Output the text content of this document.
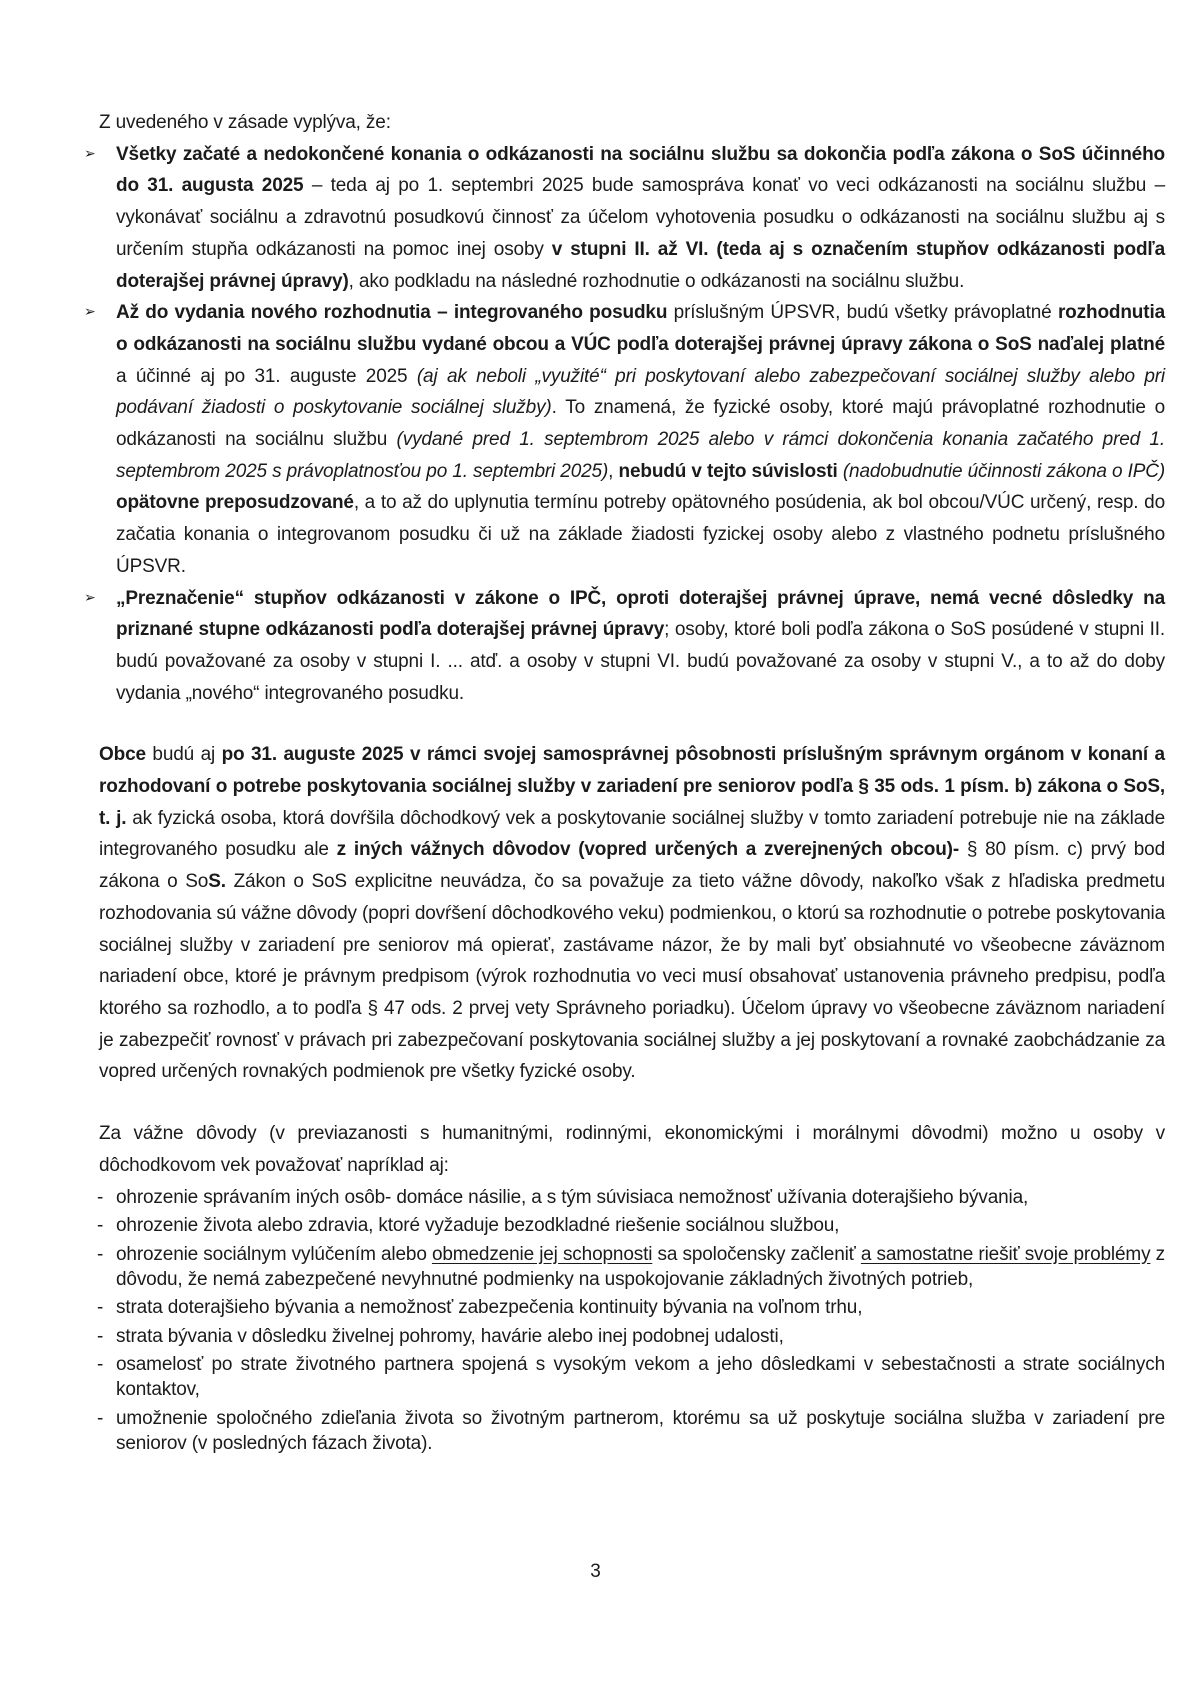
Z uvedeného v zásade vyplýva, že:

➢	Všetky začaté a nedokončené konania o odkázanosti na sociálnu službu sa dokončia podľa zákona o SoS účinného do 31. augusta 2025 – teda aj po 1. septembri 2025 bude samospráva konať vo veci odkázanosti na sociálnu službu – vykonávať sociálnu a zdravotnú posudkovú činnosť za účelom vyhotovenia posudku o odkázanosti na sociálnu službu aj s určením stupňa odkázanosti na pomoc inej osoby v stupni II. až VI. (teda aj s označením stupňov odkázanosti podľa doterajšej právnej úpravy), ako podkladu na následné rozhodnutie o odkázanosti na sociálnu službu.
➢	Až do vydania nového rozhodnutia – integrovaného posudku príslušným ÚPSVR, budú všetky právoplatné rozhodnutia o odkázanosti na sociálnu službu vydané obcou a VÚC podľa doterajšej právnej úpravy zákona o SoS naďalej platné a účinné aj po 31. auguste 2025 (aj ak neboli „využité“ pri poskytovaní alebo zabezpečovaní sociálnej služby alebo pri podávaní žiadosti o poskytovanie sociálnej služby). To znamená, že fyzické osoby, ktoré majú právoplatné rozhodnutie o odkázanosti na sociálnu službu (vydané pred 1. septembrom 2025 alebo v rámci dokončenia konania začatého pred 1. septembrom 2025 s právoplatnosťou po 1. septembri 2025), nebudú v tejto súvislosti (nadobudnutie účinnosti zákona o IPČ) opätovne preposudzované, a to až do uplynutia termínu potreby opätovného posúdenia, ak bol obcou/VÚC určený, resp. do začatia konania o integrovanom posudku či už na základe žiadosti fyzickej osoby alebo z vlastného podnetu príslušného ÚPSVR.
➢	„Preznačenie“ stupňov odkázanosti v zákone o IPČ, oproti doterajšej právnej úprave, nemá vecné dôsledky na priznané stupne odkázanosti podľa doterajšej právnej úpravy; osoby, ktoré boli podľa zákona o SoS posúdené v stupni II. budú považované za osoby v stupni I. ... atď. a osoby v stupni VI. budú považované za osoby v stupni V., a to až do doby vydania „nového“ integrovaného posudku.

Obce budú aj po 31. auguste 2025 v rámci svojej samosprávnej pôsobnosti príslušným správnym orgánom v konaní a rozhodovaní o potrebe poskytovania sociálnej služby v zariadení pre seniorov podľa § 35 ods. 1 písm. b) zákona o SoS, t. j. ak fyzická osoba, ktorá dovŕšila dôchodkový vek a poskytovanie sociálnej služby v tomto zariadení potrebuje nie na základe integrovaného posudku ale z iných vážnych dôvodov (vopred určených a zverejnených obcou)- § 80 písm. c) prvý bod zákona o SoS. Zákon o SoS explicitne neuvádza, čo sa považuje za tieto vážne dôvody, nakoľko však z hľadiska predmetu rozhodovania sú vážne dôvody (popri dovŕšení dôchodkového veku) podmienkou, o ktorú sa rozhodnutie o potrebe poskytovania sociálnej služby v zariadení pre seniorov má opierať, zastávame názor, že by mali byť obsiahnuté vo všeobecne záväznom nariadení obce, ktoré je právnym predpisom (výrok rozhodnutia vo veci musí obsahovať ustanovenia právneho predpisu, podľa ktorého sa rozhodlo, a to podľa § 47 ods. 2 prvej vety Správneho poriadku). Účelom úpravy vo všeobecne záväznom nariadení je zabezpečiť rovnosť v právach pri zabezpečovaní poskytovania sociálnej služby a jej poskytovaní a rovnaké zaobchádzanie za vopred určených rovnakých podmienok pre všetky fyzické osoby.

Za vážne dôvody (v previazanosti s humanitnými, rodinnými, ekonomickými i morálnymi dôvodmi) možno u osoby v dôchodkovom vek považovať napríklad aj:

- ohrozenie správaním iných osôb- domáce násilie, a s tým súvisiaca nemožnosť užívania doterajšieho bývania,
- ohrozenie života alebo zdravia, ktoré vyžaduje bezodkladné riešenie sociálnou službou,
- ohrozenie sociálnym vylúčením alebo obmedzenie jej schopnosti sa spoločensky začleniť a samostatne riešiť svoje problémy z dôvodu, že nemá zabezpečené nevyhnutné podmienky na uspokojovanie základných životných potrieb,
- strata doterajšieho bývania a nemožnosť zabezpečenia kontinuity bývania na voľnom trhu,
- strata bývania v dôsledku živelnej pohromy, havárie alebo inej podobnej udalosti,
- osamelosť po strate životného partnera spojená s vysokým vekom a jeho dôsledkami v sebestačnosti a strate sociálnych kontaktov,
- umožnenie spoločného zdieľania života so životným partnerom, ktorému sa už poskytuje sociálna služba v zariadení pre seniorov (v posledných fázach života).
3
